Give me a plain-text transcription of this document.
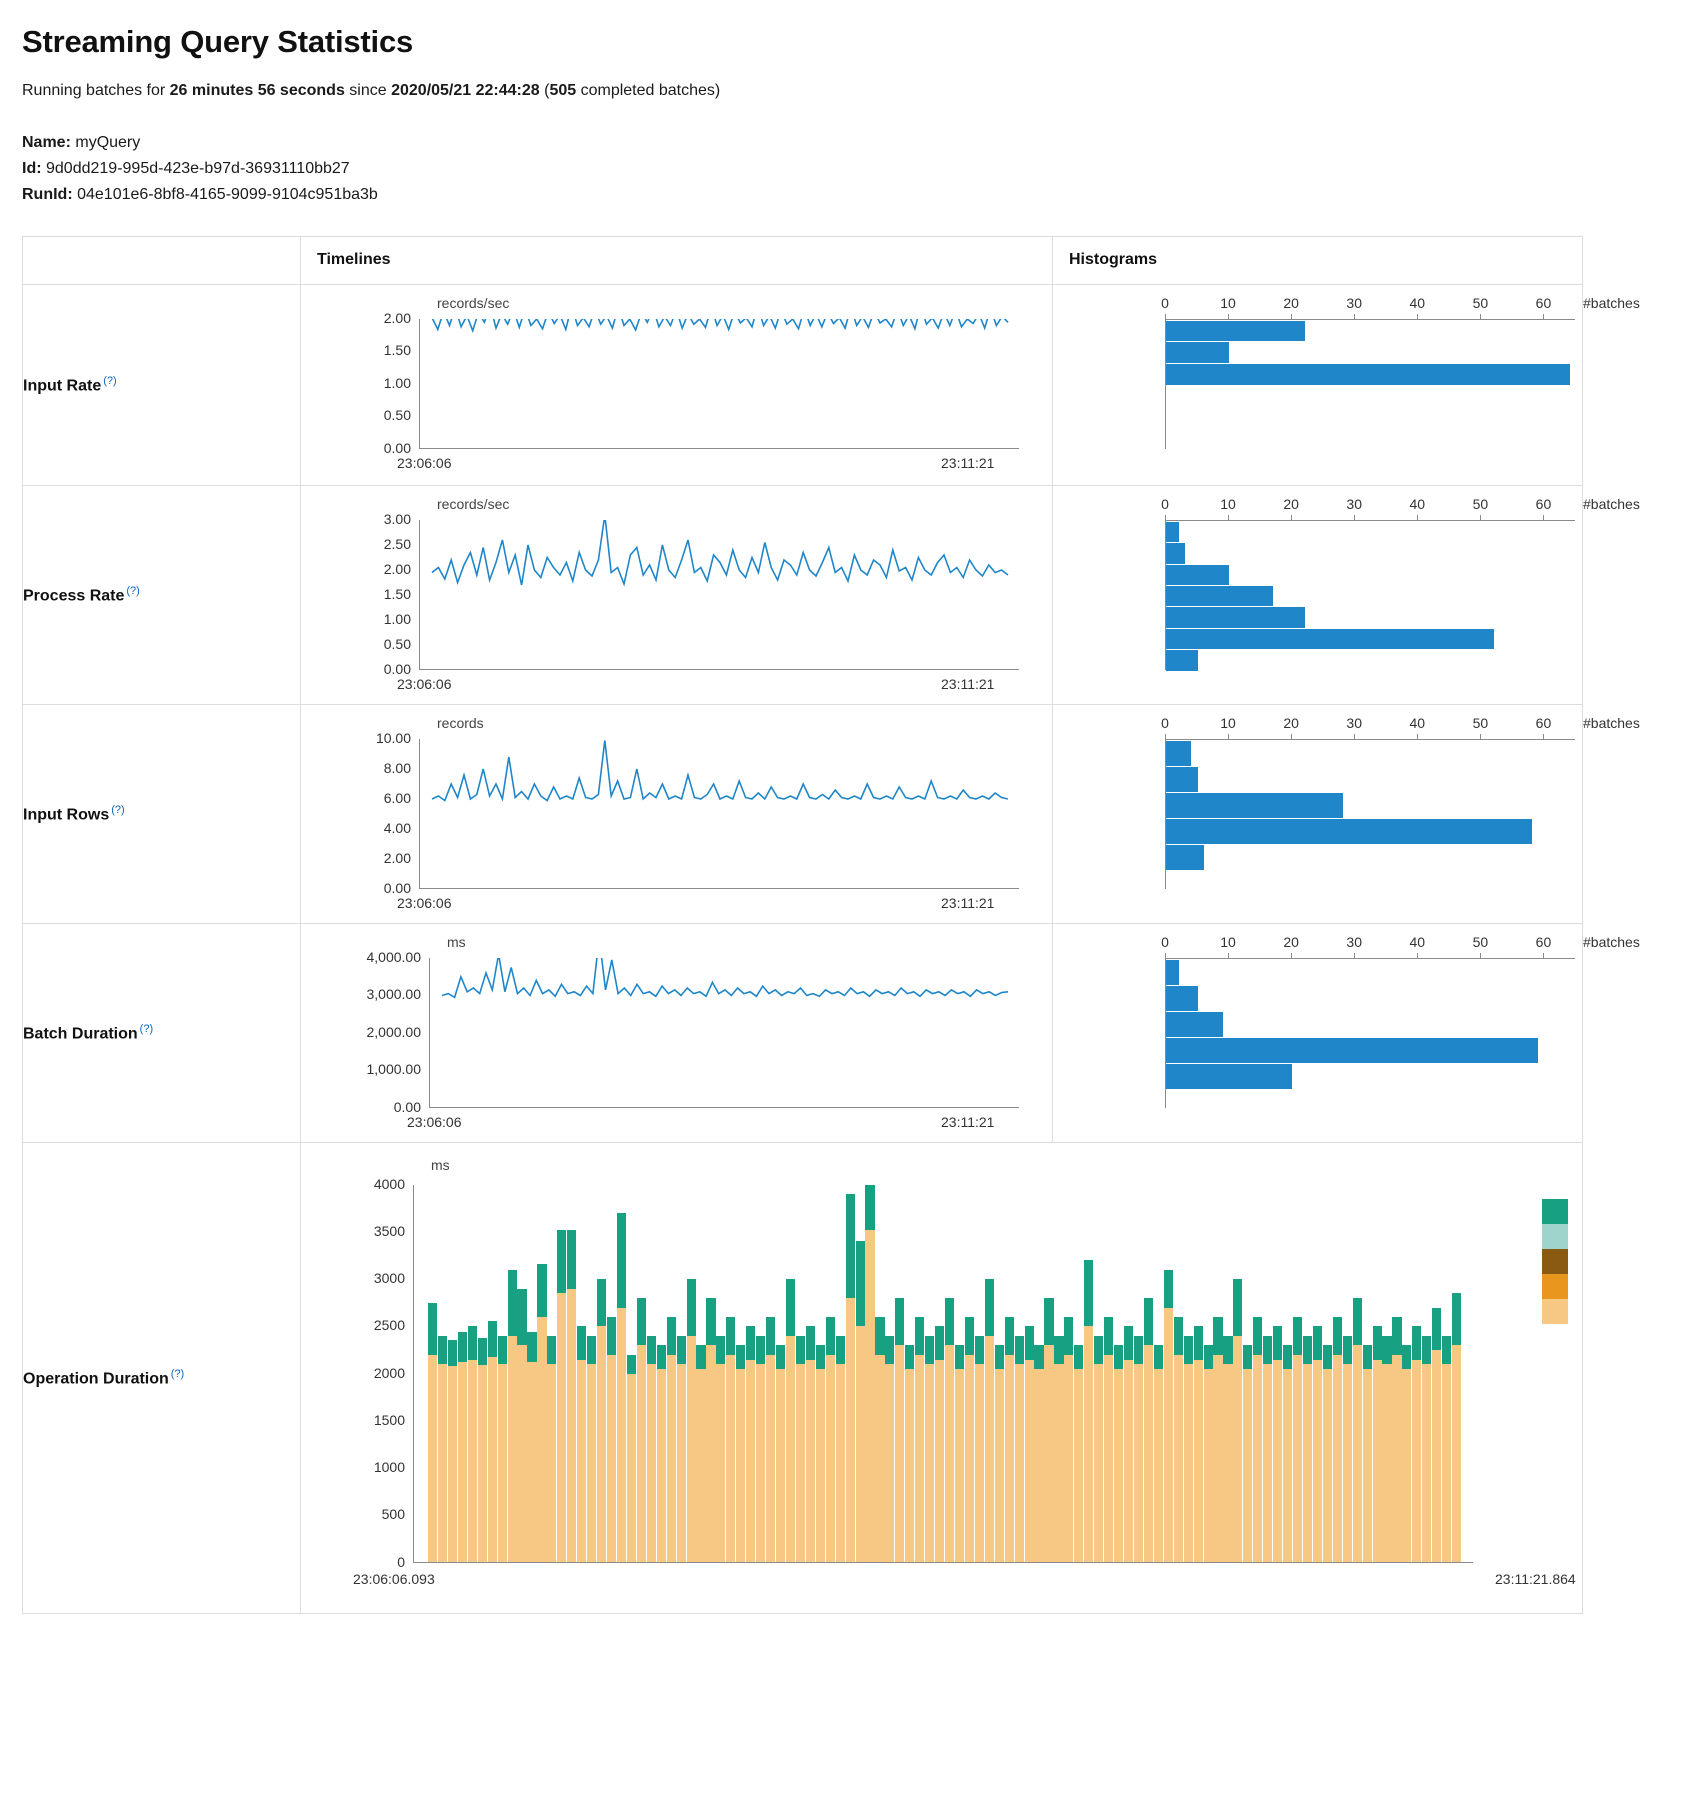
Streaming Query Statistics

Running batches for 26 minutes 56 seconds since 2020/05/21 22:44:28 (505 completed batches)

Name: myQuery
Id: 9d0dd219-995d-423e-b97d-36931110bb27
RunId: 04e101e6-8bf8-4165-9099-9104c951ba3b
	Timelines	Histograms
Input Rate (?)	
records/sec
2.00
1.50
1.00
0.50
0.00
23:06:06	23:11:21

0	10	20	30	40	50	60 #batches

Process Rate (?)	
records/sec
3.00
2.50
2.00
1.50
1.00
0.50
0.00
23:06:06	23:11:21

0	10	20	30	40	50	60 #batches

Input Rows (?)	
records
10.00
8.00
6.00
4.00
2.00
0.00
23:06:06	23:11:21

0	10	20	30	40	50	60 #batches

Batch Duration (?)	
ms
4,000.00
3,000.00
2,000.00
1,000.00
0.00
23:06:06	23:11:21

0	10	20	30	40	50	60 #batches

Operation Duration (?)	
ms
4000
3500
3000
2500
2000
1500
1000
500
0
23:06:06.093	23:11:21.864
